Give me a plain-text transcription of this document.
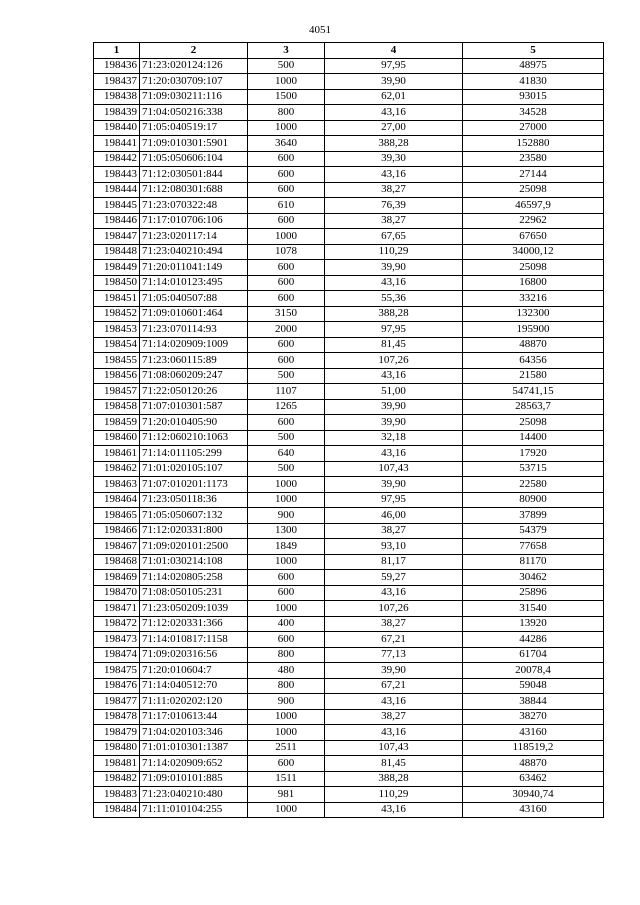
4051
1	2	3	4	5
198436	71:23:020124:126	500	97,95	48975
198437	71:20:030709:107	1000	39,90	41830
198438	71:09:030211:116	1500	62,01	93015
198439	71:04:050216:338	800	43,16	34528
198440	71:05:040519:17	1000	27,00	27000
198441	71:09:010301:5901	3640	388,28	152880
198442	71:05:050606:104	600	39,30	23580
198443	71:12:030501:844	600	43,16	27144
198444	71:12:080301:688	600	38,27	25098
198445	71:23:070322:48	610	76,39	46597,9
198446	71:17:010706:106	600	38,27	22962
198447	71:23:020117:14	1000	67,65	67650
198448	71:23:040210:494	1078	110,29	34000,12
198449	71:20:011041:149	600	39,90	25098
198450	71:14:010123:495	600	43,16	16800
198451	71:05:040507:88	600	55,36	33216
198452	71:09:010601:464	3150	388,28	132300
198453	71:23:070114:93	2000	97,95	195900
198454	71:14:020909:1009	600	81,45	48870
198455	71:23:060115:89	600	107,26	64356
198456	71:08:060209:247	500	43,16	21580
198457	71:22:050120:26	1107	51,00	54741,15
198458	71:07:010301:587	1265	39,90	28563,7
198459	71:20:010405:90	600	39,90	25098
198460	71:12:060210:1063	500	32,18	14400
198461	71:14:011105:299	640	43,16	17920
198462	71:01:020105:107	500	107,43	53715
198463	71:07:010201:1173	1000	39,90	22580
198464	71:23:050118:36	1000	97,95	80900
198465	71:05:050607:132	900	46,00	37899
198466	71:12:020331:800	1300	38,27	54379
198467	71:09:020101:2500	1849	93,10	77658
198468	71:01:030214:108	1000	81,17	81170
198469	71:14:020805:258	600	59,27	30462
198470	71:08:050105:231	600	43,16	25896
198471	71:23:050209:1039	1000	107,26	31540
198472	71:12:020331:366	400	38,27	13920
198473	71:14:010817:1158	600	67,21	44286
198474	71:09:020316:56	800	77,13	61704
198475	71:20:010604:7	480	39,90	20078,4
198476	71:14:040512:70	800	67,21	59048
198477	71:11:020202:120	900	43,16	38844
198478	71:17:010613:44	1000	38,27	38270
198479	71:04:020103:346	1000	43,16	43160
198480	71:01:010301:1387	2511	107,43	118519,2
198481	71:14:020909:652	600	81,45	48870
198482	71:09:010101:885	1511	388,28	63462
198483	71:23:040210:480	981	110,29	30940,74
198484	71:11:010104:255	1000	43,16	43160
